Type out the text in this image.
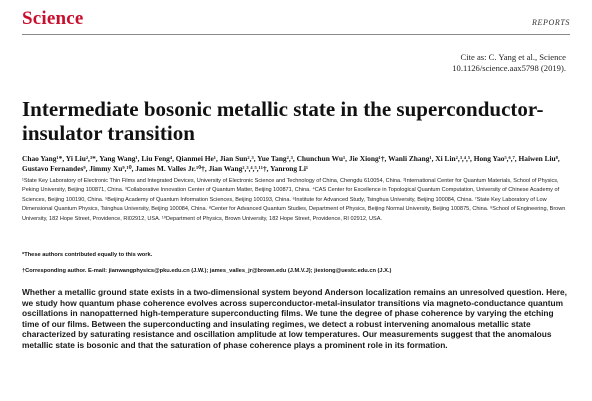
Science	REPORTS
Cite as: C. Yang et al., Science
10.1126/science.aax5798 (2019).
Intermediate bosonic metallic state in the superconductor-insulator transition
Chao Yang¹*, Yi Liu²,³*, Yang Wang¹, Liu Feng⁴, Qianmei He¹, Jian Sun²,³, Yue Tang²,³, Chunchun Wu¹, Jie Xiong¹†, Wanli Zhang¹, Xi Lin²,³,⁴,⁵, Hong Yao⁵,⁶,⁷, Haiwen Liu⁸, Gustavo Fernandes⁹, Jimmy Xu⁹,¹⁰, James M. Valles Jr.¹⁰†, Jian Wang²,³,⁴,⁵,¹¹†, Yanrong Li¹
¹State Key Laboratory of Electronic Thin Films and Integrated Devices, University of Electronic Science and Technology of China, Chengdu 610054, China. ²International Center for Quantum Materials, School of Physics, Peking University, Beijing 100871, China. ³Collaborative Innovation Center of Quantum Matter, Beijing 100871, China. ⁴CAS Center for Excellence in Topological Quantum Computation, University of Chinese Academy of Sciences, Beijing 100190, China. ⁵Beijing Academy of Quantum Information Sciences, Beijing 100193, China. ⁶Institute for Advanced Study, Tsinghua University, Beijing 100084, China. ⁷State Key Laboratory of Low Dimensional Quantum Physics, Tsinghua University, Beijing 100084, China. ⁸Center for Advanced Quantum Studies, Department of Physics, Beijing Normal University, Beijing 100875, China. ⁹School of Engineering, Brown University, 182 Hope Street, Providence, RI02912, USA. ¹⁰Department of Physics, Brown University, 182 Hope Street, Providence, RI 02912, USA.
*These authors contributed equally to this work.
†Corresponding author. E-mail: jianwangphysics@pku.edu.cn (J.W.); james_valles_jr@brown.edu (J.M.V.J); jiexiong@uestc.edu.cn (J.X.)

Whether a metallic ground state exists in a two-dimensional system beyond Anderson localization remains an unresolved question. Here, we study how quantum phase coherence evolves across superconductor-metal-insulator transitions via magneto-conductance quantum oscillations in nanopatterned high-temperature superconducting films. We tune the degree of phase coherence by varying the etching time of our films. Between the superconducting and insulating regimes, we detect a robust intervening anomalous metallic state characterized by saturating resistance and oscillation amplitude at low temperatures. Our measurements suggest that the anomalous metallic state is bosonic and that the saturation of phase coherence plays a prominent role in its formation.
